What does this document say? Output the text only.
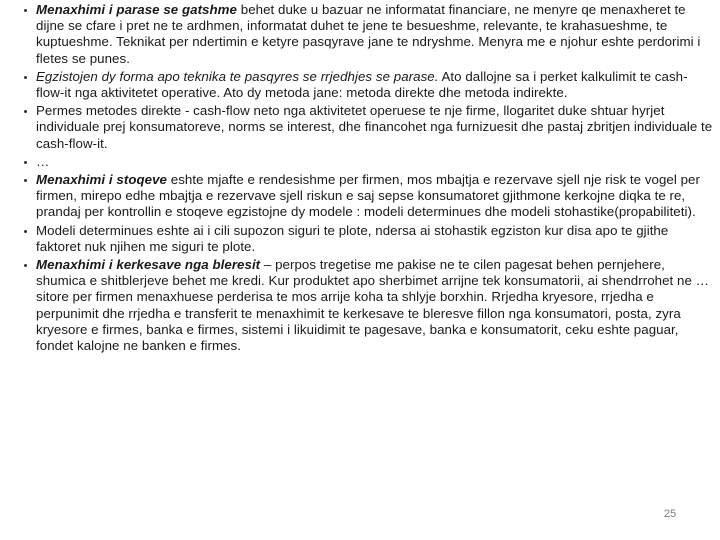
Menaxhimi i parase se gatshme behet duke u bazuar ne informatat financiare, ne menyre qe menaxheret te dijne se cfare i pret ne te ardhmen, informatat duhet te jene te besueshme, relevante, te krahasueshme, te kuptueshme. Teknikat per ndertimin e ketyre pasqyrave jane te ndryshme. Menyra me e njohur eshte perdorimi i fletes se punes.
Egzistojen dy forma apo teknika te pasqyres se rrjedhjes se parase. Ato dallojne sa i perket kalkulimit te cash-flow-it nga aktivitetet operative. Ato dy metoda jane: metoda direkte dhe metoda indirekte.
Permes metodes direkte - cash-flow neto nga aktivitetet operuese te nje firme, llogaritet duke shtuar hyrjet individuale prej konsumatoreve, norms se interest, dhe financohet nga furnizuesit dhe pastaj zbritjen individuale te cash-flow-it.
…
Menaxhimi i stoqeve eshte mjafte e rendesishme per firmen, mos mbajtja e rezervave sjell nje risk te vogel per firmen, mirepo edhe mbajtja e rezervave sjell riskun e saj sepse konsumatoret gjithmone kerkojne diqka te re, prandaj per kontrollin e stoqeve egzistojne dy modele : modeli determinues dhe modeli stohastike(propabiliteti).
Modeli determinues eshte ai i cili supozon siguri te plote, ndersa ai stohastik egziston kur disa apo te gjithe faktoret nuk njihen me siguri te plote.
Menaxhimi i kerkesave nga bleresit – perpos tregetise me pakise ne te cilen pagesat behen pernjehere, shumica e shitblerjeve behet me kredi. Kur produktet apo sherbimet arrijne tek konsumatorii, ai shendrrohet ne … sitore per firmen menaxhuese perderisa te mos arrije koha ta shlyje borxhin. Rrjedha kryesore, rrjedha e perpunimit dhe rrjedha e transferit te menaxhimit te kerkesave te bleresve fillon nga konsumatori, posta, zyra kryesore e firmes, banka e firmes, sistemi i likuidimit te pagesave, banka e konsumatorit, ceku eshte paguar, fondet kalojne ne banken e firmes.
25
